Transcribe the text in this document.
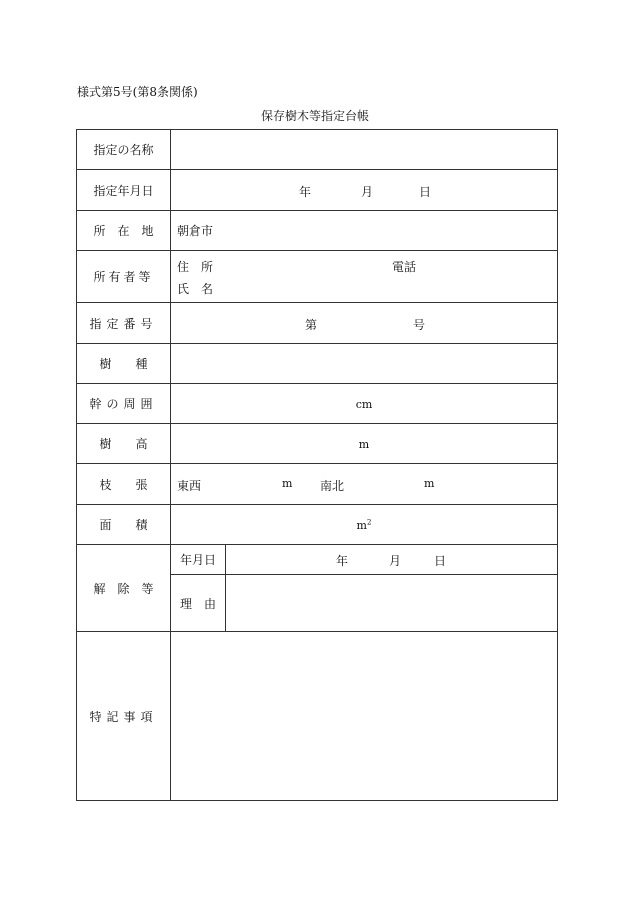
様式第5号(第8条関係)
保存樹木等指定台帳
指定の名称		
指定年月日	年 月 日	

所　在　地	朝倉市	
所有者等	住　所 電話
氏　名	

指定番号	第 号	

樹　　種		
幹の周囲	cm	
樹　　高	m	
枝　　張	東西 m 南北 m	

面　　積	$m^2$
解　除　等	年月日	年 月 日

	理　由	
特記事項		
